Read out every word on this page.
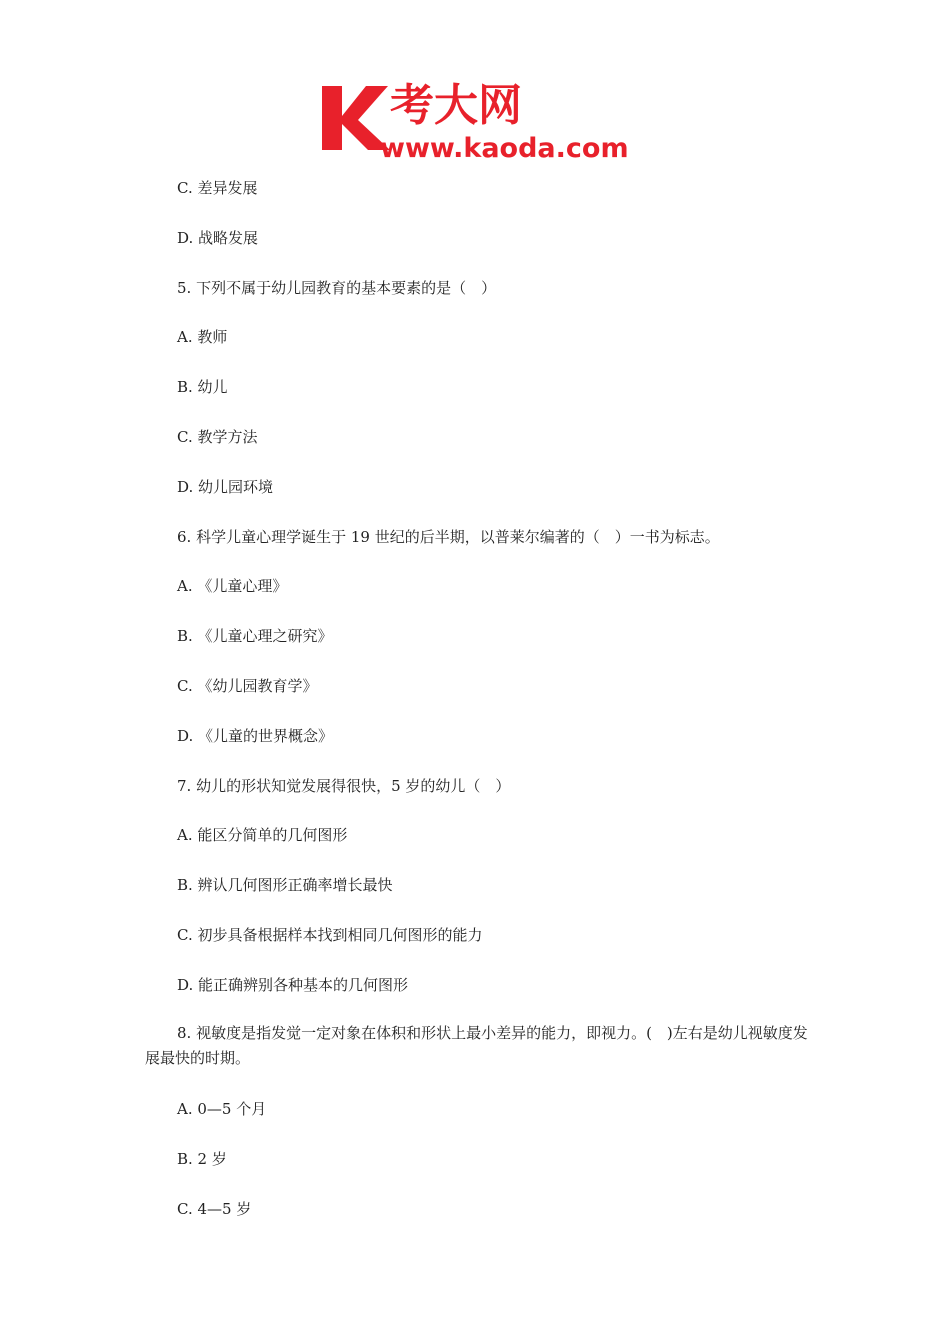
考大网
www.kaoda.com
C. 差异发展
D. 战略发展
5. 下列不属于幼儿园教育的基本要素的是（　）
A. 教师
B. 幼儿
C. 教学方法
D. 幼儿园环境
6. 科学儿童心理学诞生于 19 世纪的后半期，以普莱尔编著的（　）一书为标志。
A. 《儿童心理》
B. 《儿童心理之研究》
C. 《幼儿园教育学》
D. 《儿童的世界概念》
7. 幼儿的形状知觉发展得很快，5 岁的幼儿（　）
A. 能区分简单的几何图形
B. 辨认几何图形正确率增长最快
C. 初步具备根据样本找到相同几何图形的能力
D. 能正确辨别各种基本的几何图形
8. 视敏度是指发觉一定对象在体积和形状上最小差异的能力，即视力。(　)左右是幼儿视敏度发展最快的时期。
A. 0—5 个月
B. 2 岁
C. 4—5 岁
